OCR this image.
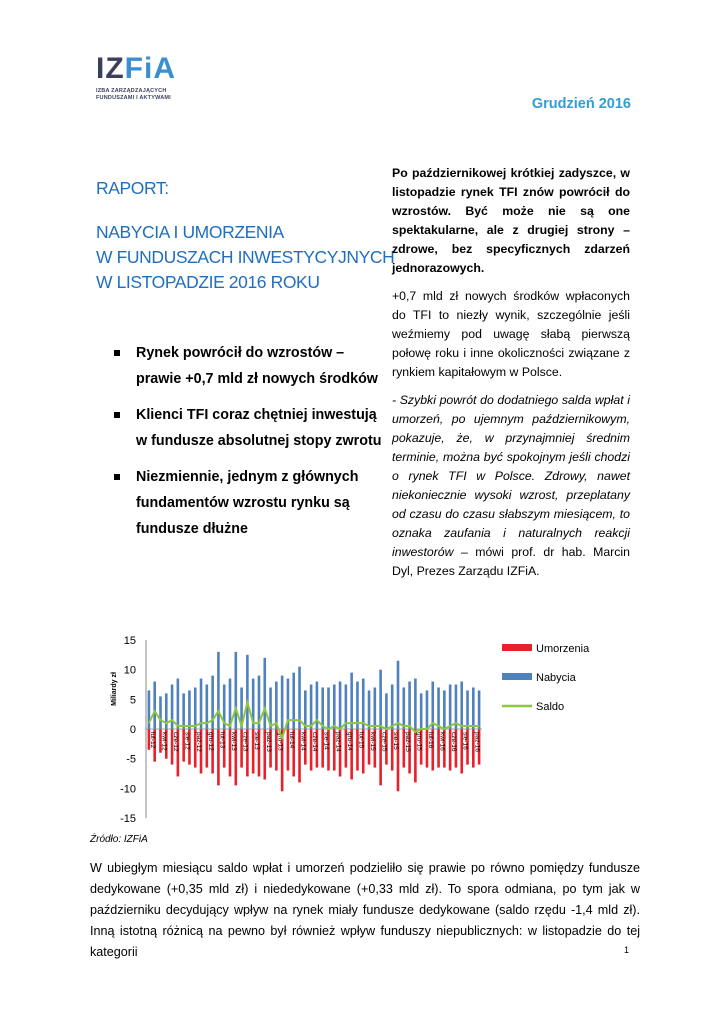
IZFiA
IZBA ZARZĄDZAJĄCYCH
FUNDUSZAMI I AKTYWAMI	Grudzień 2016
RAPORT:
NABYCIA I UMORZENIA
W FUNDUSZACH INWESTYCYJNYCH
W LISTOPADZIE 2016 ROKU
Rynek powrócił do wzrostów – prawie +0,7 mld zł nowych środków
Klienci TFI coraz chętniej inwestują w fundusze absolutnej stopy zwrotu
Niezmiennie, jednym z głównych fundamentów wzrostu rynku są fundusze dłużne

Po październikowej krótkiej zadyszce, w listopadzie rynek TFI znów powrócił do wzrostów. Być może nie są one spektakularne, ale z drugiej strony – zdrowe, bez specyficznych zdarzeń jednorazowych.

+0,7 mld zł nowych środków wpłaconych do TFI to niezły wynik, szczególnie jeśli weźmiemy pod uwagę słabą pierwszą połowę roku i inne okoliczności związane z rynkiem kapitałowym w Polsce.

- Szybki powrót do dodatniego salda wpłat i umorzeń, po ujemnym październikowym, pokazuje, że, w przynajmniej średnim terminie, można być spokojnym jeśli chodzi o rynek TFI w Polsce. Zdrowy, nawet niekoniecznie wysoki wzrost, przeplatany od czasu do czasu słabszym miesiącem, to oznaka zaufania i naturalnych reakcji inwestorów – mówi prof. dr hab. Marcin Dyl, Prezes Zarządu IZFiA.

Miliardy zł
15
10
5
0
-5
-10
-15
lut-12 kwi-12 cze-12 sie-12 paź-12 gru-12 lut-13 kwi-13 cze-13 sie-13 paź-13 gru-13 lut-14 kwi-14 cze-14 sie-14 paź-14 gru-14 lut-15 kwi-15 cze-15 sie-15 paź-15 gru-15 lut-16 kwi-16 cze-16 sie-16 paź-16
Umorzenia
Nabycia
Saldo
Źródło: IZFiA
W ubiegłym miesiącu saldo wpłat i umorzeń podzieliło się prawie po równo pomiędzy fundusze dedykowane (+0,35 mld zł) i niededykowane (+0,33 mld zł). To spora odmiana, po tym jak w październiku decydujący wpływ na rynek miały fundusze dedykowane (saldo rzędu -1,4 mld zł). Inną istotną różnicą na pewno był również wpływ funduszy niepublicznych: w listopadzie do tej kategorii	1
